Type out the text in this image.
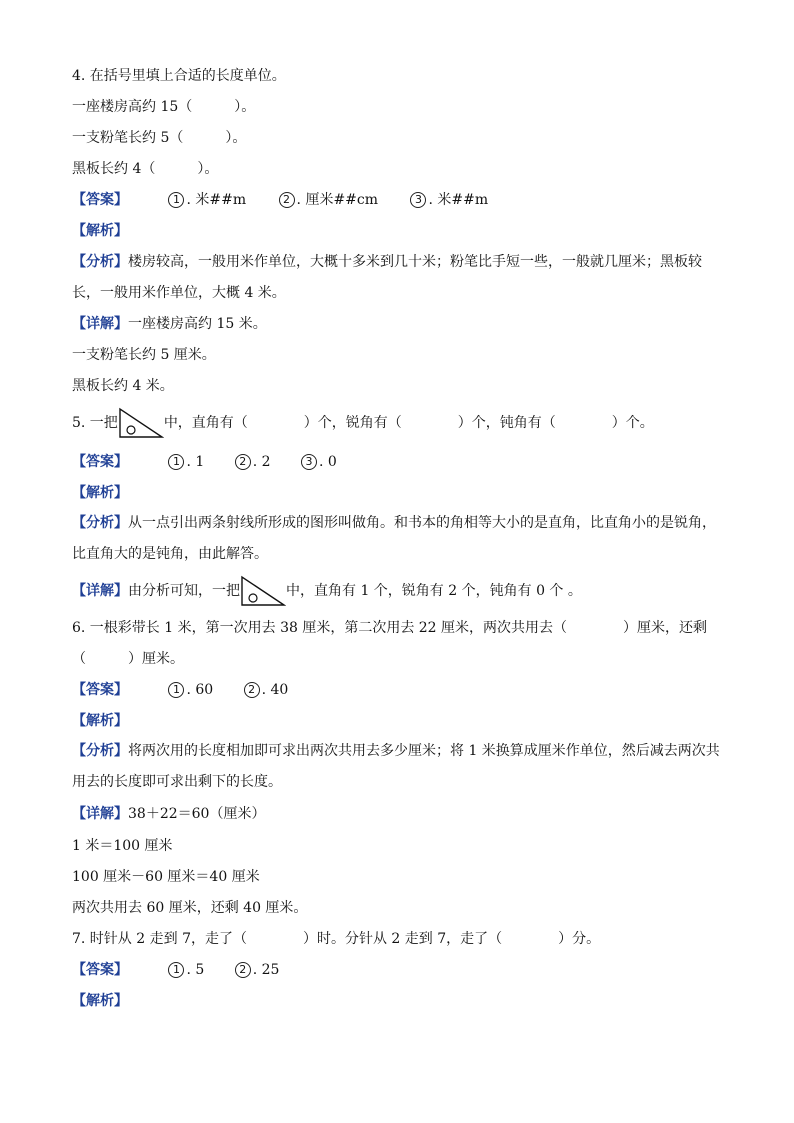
4. 在括号里填上合适的长度单位。
一座楼房高约 15（　　　）。
一支粉笔长约 5（　　　）。
黑板长约 4（　　　）。
【答案】	1 . 米##m	2 . 厘米##cm	3 . 米##m
【解析】
【分析】楼房较高，一般用米作单位，大概十多米到几十米；粉笔比手短一些，一般就几厘米；黑板较长，一般用米作单位，大概 4 米。
【详解】一座楼房高约 15 米。
一支粉笔长约 5 厘米。
黑板长约 4 米。
5. 一把	中，直角有（　　　　）个，锐角有（　　　　）个，钝角有（　　　　）个。
【答案】	1 . 1	2 . 2	3 . 0
【解析】
【分析】从一点引出两条射线所形成的图形叫做角。和书本的角相等大小的是直角，比直角小的是锐角，比直角大的是钝角，由此解答。
【详解】由分析可知，一把	中，直角有 1 个，锐角有 2 个，钝角有 0 个 。
6. 一根彩带长 1 米，第一次用去 38 厘米，第二次用去 22 厘米，两次共用去（　　　　）厘米，还剩（　　　）厘米。
【答案】	1 . 60	2 . 40
【解析】
【分析】将两次用的长度相加即可求出两次共用去多少厘米；将 1 米换算成厘米作单位，然后减去两次共用去的长度即可求出剩下的长度。
【详解】38＋22＝60（厘米）
1 米＝100 厘米
100 厘米－60 厘米＝40 厘米
两次共用去 60 厘米，还剩 40 厘米。
7. 时针从 2 走到 7，走了（　　　　）时。分针从 2 走到 7，走了（　　　　）分。
【答案】	1 . 5	2 . 25
【解析】
